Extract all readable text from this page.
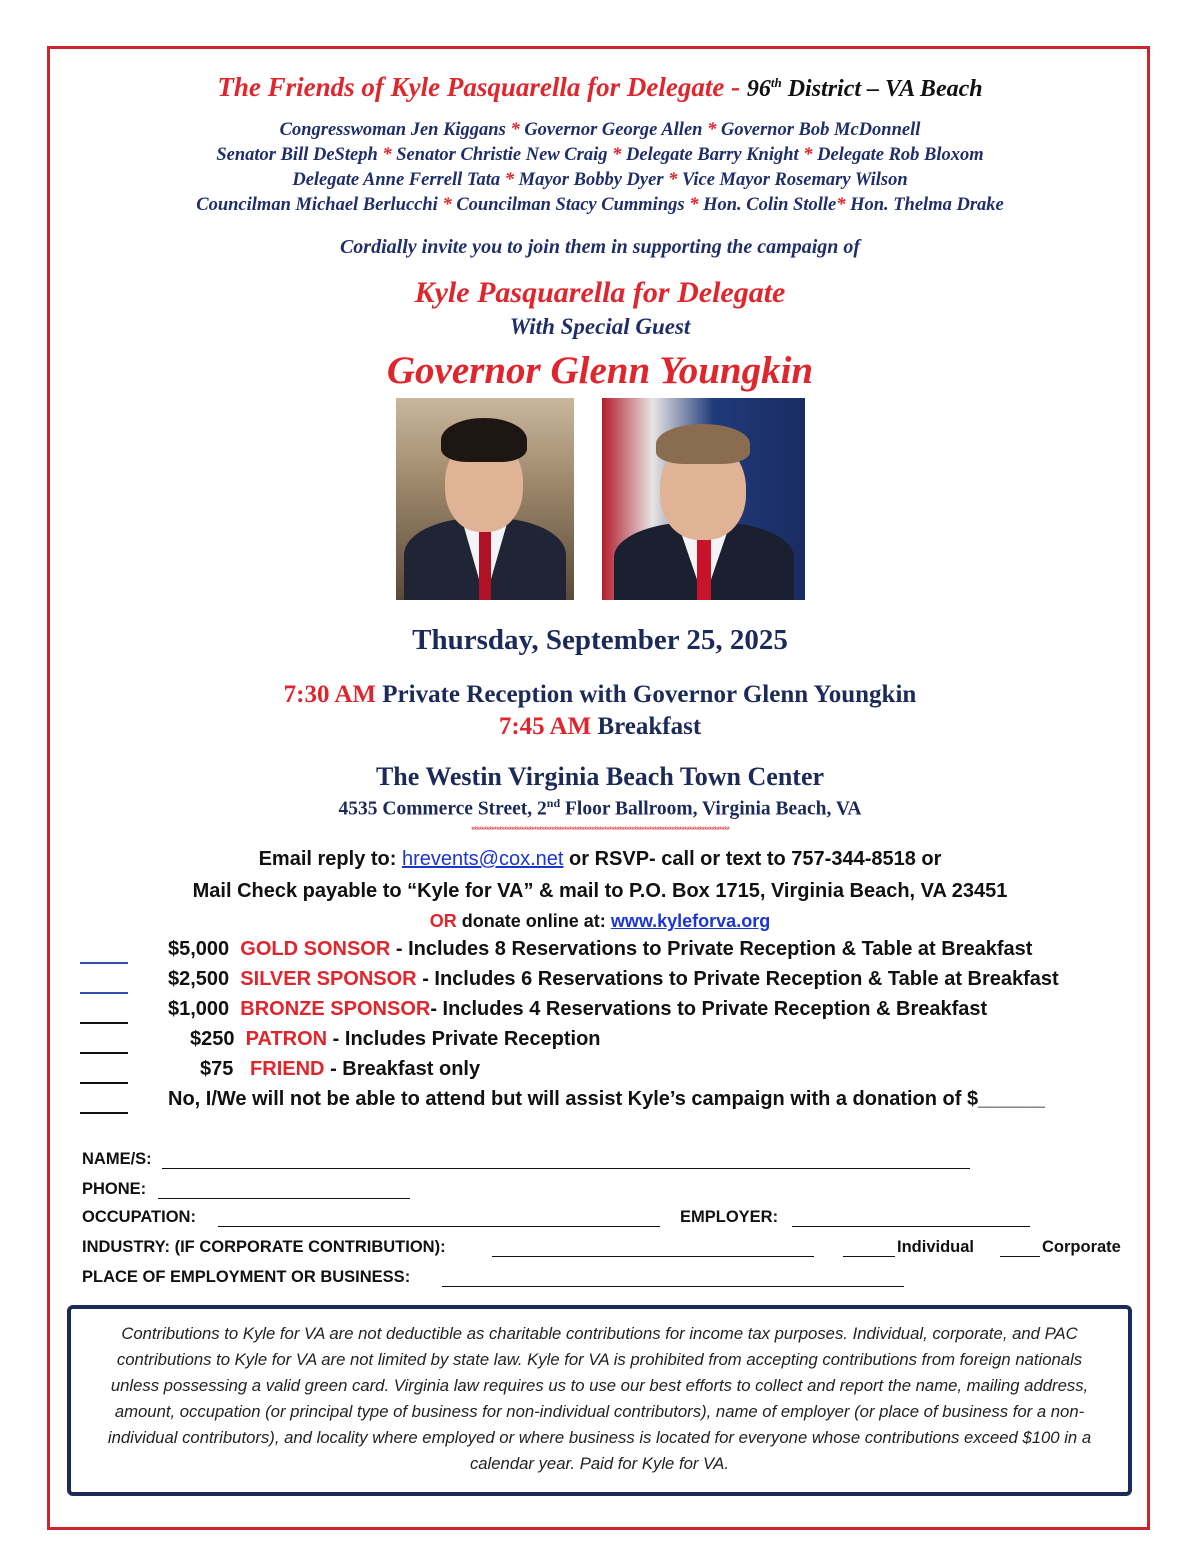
The Friends of Kyle Pasquarella for Delegate - 96th District – VA Beach
Congresswoman Jen Kiggans * Governor George Allen * Governor Bob McDonnell
Senator Bill DeSteph * Senator Christie New Craig * Delegate Barry Knight * Delegate Rob Bloxom
Delegate Anne Ferrell Tata * Mayor Bobby Dyer * Vice Mayor Rosemary Wilson
Councilman Michael Berlucchi * Councilman Stacy Cummings * Hon. Colin Stolle* Hon. Thelma Drake
Cordially invite you to join them in supporting the campaign of
Kyle Pasquarella for Delegate
With Special Guest
Governor Glenn Youngkin
Thursday, September 25, 2025
7:30 AM Private Reception with Governor Glenn Youngkin
7:45 AM Breakfast
The Westin Virginia Beach Town Center
4535 Commerce Street, 2nd Floor Ballroom, Virginia Beach, VA
*******************************************************************************************************
Email reply to: hrevents@cox.net or RSVP- call or text to 757-344-8518 or
Mail Check payable to “Kyle for VA” & mail to P.O. Box 1715, Virginia Beach, VA 23451
OR donate online at: www.kyleforva.org
$5,000 GOLD SONSOR - Includes 8 Reservations to Private Reception & Table at Breakfast
$2,500 SILVER SPONSOR - Includes 6 Reservations to Private Reception & Table at Breakfast
$1,000 BRONZE SPONSOR- Includes 4 Reservations to Private Reception & Breakfast
$250 PATRON - Includes Private Reception
$75 FRIEND - Breakfast only
No, I/We will not be able to attend but will assist Kyle’s campaign with a donation of $______
NAME/S:
PHONE:
OCCUPATION:	EMPLOYER:
INDUSTRY: (IF CORPORATE CONTRIBUTION):	Individual	Corporate
PLACE OF EMPLOYMENT OR BUSINESS:
Contributions to Kyle for VA are not deductible as charitable contributions for income tax purposes. Individual, corporate, and PAC contributions to Kyle for VA are not limited by state law. Kyle for VA is prohibited from accepting contributions from foreign nationals unless possessing a valid green card. Virginia law requires us to use our best efforts to collect and report the name, mailing address, amount, occupation (or principal type of business for non-individual contributors), name of employer (or place of business for a non-individual contributors), and locality where employed or where business is located for everyone whose contributions exceed $100 in a calendar year. Paid for Kyle for VA.
